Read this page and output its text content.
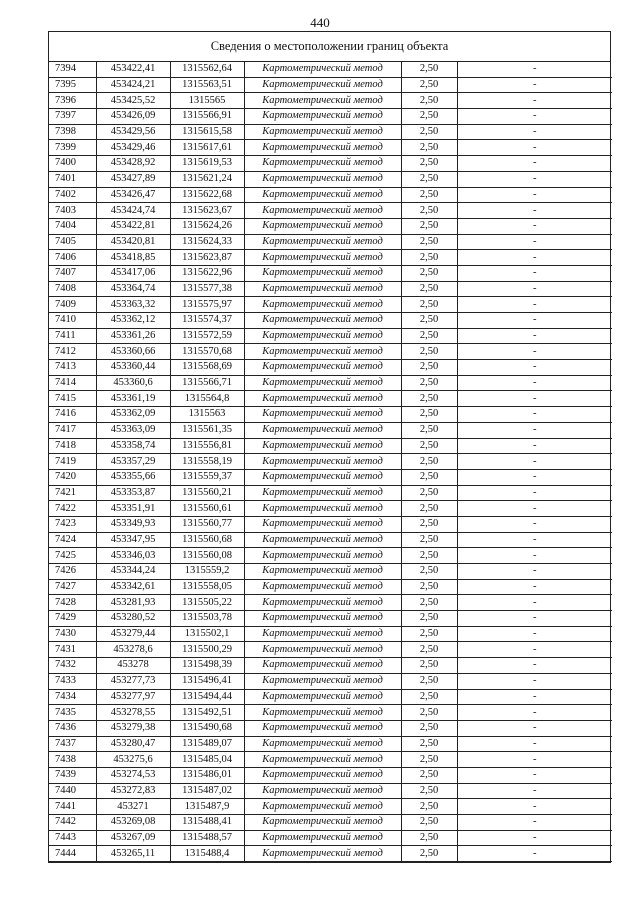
440
Сведения о местоположении границ объекта
7394	453422,41	1315562,64	Картометрический метод	2,50	-
7395	453424,21	1315563,51	Картометрический метод	2,50	-
7396	453425,52	1315565	Картометрический метод	2,50	-
7397	453426,09	1315566,91	Картометрический метод	2,50	-
7398	453429,56	1315615,58	Картометрический метод	2,50	-
7399	453429,46	1315617,61	Картометрический метод	2,50	-
7400	453428,92	1315619,53	Картометрический метод	2,50	-
7401	453427,89	1315621,24	Картометрический метод	2,50	-
7402	453426,47	1315622,68	Картометрический метод	2,50	-
7403	453424,74	1315623,67	Картометрический метод	2,50	-
7404	453422,81	1315624,26	Картометрический метод	2,50	-
7405	453420,81	1315624,33	Картометрический метод	2,50	-
7406	453418,85	1315623,87	Картометрический метод	2,50	-
7407	453417,06	1315622,96	Картометрический метод	2,50	-
7408	453364,74	1315577,38	Картометрический метод	2,50	-
7409	453363,32	1315575,97	Картометрический метод	2,50	-
7410	453362,12	1315574,37	Картометрический метод	2,50	-
7411	453361,26	1315572,59	Картометрический метод	2,50	-
7412	453360,66	1315570,68	Картометрический метод	2,50	-
7413	453360,44	1315568,69	Картометрический метод	2,50	-
7414	453360,6	1315566,71	Картометрический метод	2,50	-
7415	453361,19	1315564,8	Картометрический метод	2,50	-
7416	453362,09	1315563	Картометрический метод	2,50	-
7417	453363,09	1315561,35	Картометрический метод	2,50	-
7418	453358,74	1315556,81	Картометрический метод	2,50	-
7419	453357,29	1315558,19	Картометрический метод	2,50	-
7420	453355,66	1315559,37	Картометрический метод	2,50	-
7421	453353,87	1315560,21	Картометрический метод	2,50	-
7422	453351,91	1315560,61	Картометрический метод	2,50	-
7423	453349,93	1315560,77	Картометрический метод	2,50	-
7424	453347,95	1315560,68	Картометрический метод	2,50	-
7425	453346,03	1315560,08	Картометрический метод	2,50	-
7426	453344,24	1315559,2	Картометрический метод	2,50	-
7427	453342,61	1315558,05	Картометрический метод	2,50	-
7428	453281,93	1315505,22	Картометрический метод	2,50	-
7429	453280,52	1315503,78	Картометрический метод	2,50	-
7430	453279,44	1315502,1	Картометрический метод	2,50	-
7431	453278,6	1315500,29	Картометрический метод	2,50	-
7432	453278	1315498,39	Картометрический метод	2,50	-
7433	453277,73	1315496,41	Картометрический метод	2,50	-
7434	453277,97	1315494,44	Картометрический метод	2,50	-
7435	453278,55	1315492,51	Картометрический метод	2,50	-
7436	453279,38	1315490,68	Картометрический метод	2,50	-
7437	453280,47	1315489,07	Картометрический метод	2,50	-
7438	453275,6	1315485,04	Картометрический метод	2,50	-
7439	453274,53	1315486,01	Картометрический метод	2,50	-
7440	453272,83	1315487,02	Картометрический метод	2,50	-
7441	453271	1315487,9	Картометрический метод	2,50	-
7442	453269,08	1315488,41	Картометрический метод	2,50	-
7443	453267,09	1315488,57	Картометрический метод	2,50	-
7444	453265,11	1315488,4	Картометрический метод	2,50	-
